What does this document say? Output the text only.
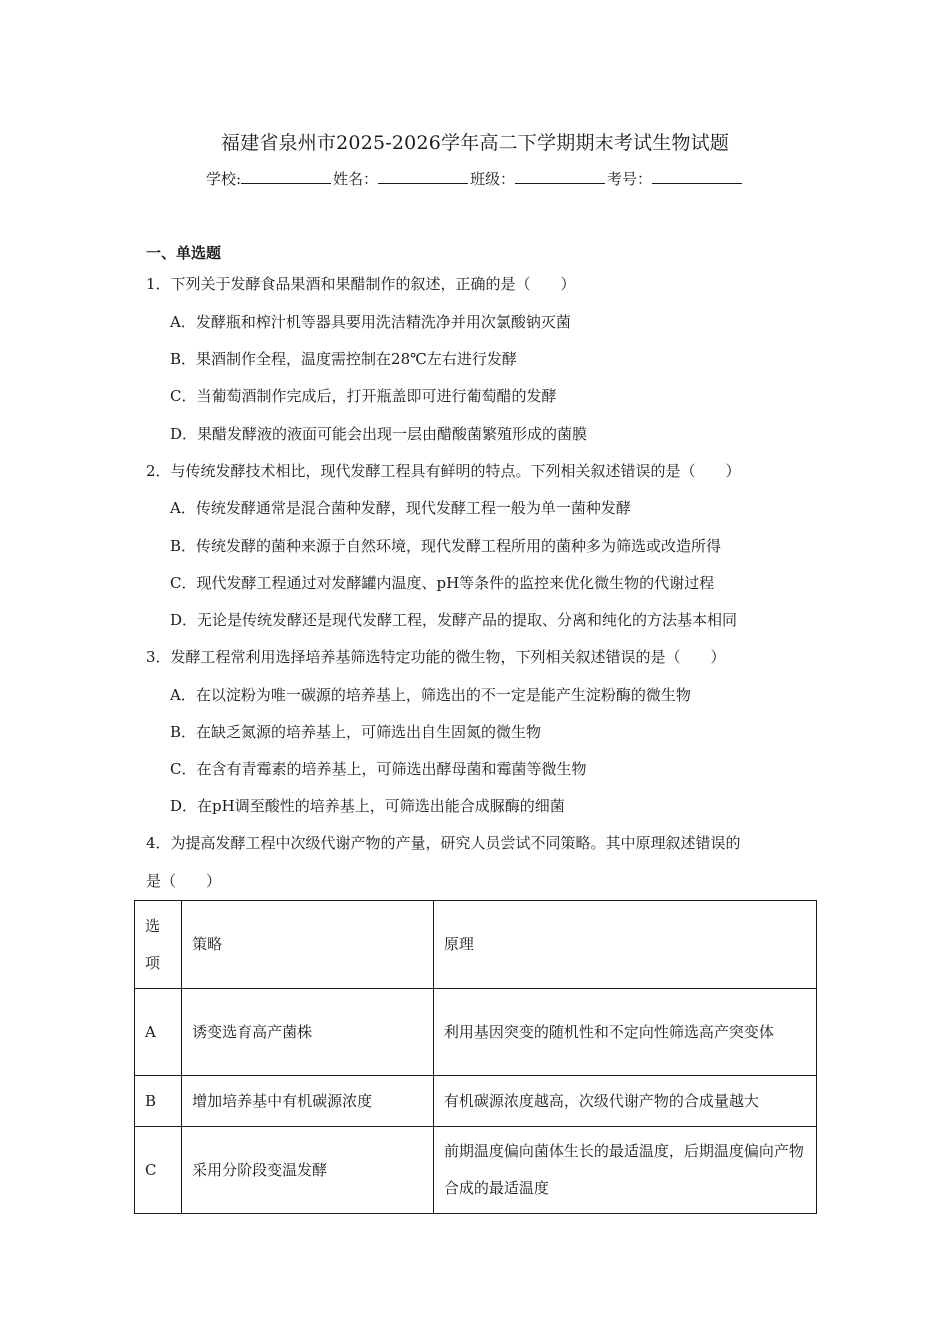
福建省泉州市2025-2026学年高二下学期期末考试生物试题
学校:	姓名：	班级：	考号：
一、单选题
1．下列关于发酵食品果酒和果醋制作的叙述，正确的是（　　）
A．发酵瓶和榨汁机等器具要用洗洁精洗净并用次氯酸钠灭菌
B．果酒制作全程，温度需控制在28℃左右进行发酵
C．当葡萄酒制作完成后，打开瓶盖即可进行葡萄醋的发酵
D．果醋发酵液的液面可能会出现一层由醋酸菌繁殖形成的菌膜
2．与传统发酵技术相比，现代发酵工程具有鲜明的特点。下列相关叙述错误的是（　　）
A．传统发酵通常是混合菌种发酵，现代发酵工程一般为单一菌种发酵
B．传统发酵的菌种来源于自然环境，现代发酵工程所用的菌种多为筛选或改造所得
C．现代发酵工程通过对发酵罐内温度、pH等条件的监控来优化微生物的代谢过程
D．无论是传统发酵还是现代发酵工程，发酵产品的提取、分离和纯化的方法基本相同
3．发酵工程常利用选择培养基筛选特定功能的微生物，下列相关叙述错误的是（　　）
A．在以淀粉为唯一碳源的培养基上，筛选出的不一定是能产生淀粉酶的微生物
B．在缺乏氮源的培养基上，可筛选出自生固氮的微生物
C．在含有青霉素的培养基上，可筛选出酵母菌和霉菌等微生物
D．在pH调至酸性的培养基上，可筛选出能合成脲酶的细菌
4．为提高发酵工程中次级代谢产物的产量，研究人员尝试不同策略。其中原理叙述错误的
是（　　）
选项	策略	原理
A	诱变选育高产菌株	利用基因突变的随机性和不定向性筛选高产突变体
B	增加培养基中有机碳源浓度	有机碳源浓度越高，次级代谢产物的合成量越大
C	采用分阶段变温发酵	前期温度偏向菌体生长的最适温度，后期温度偏向产物合成的最适温度
